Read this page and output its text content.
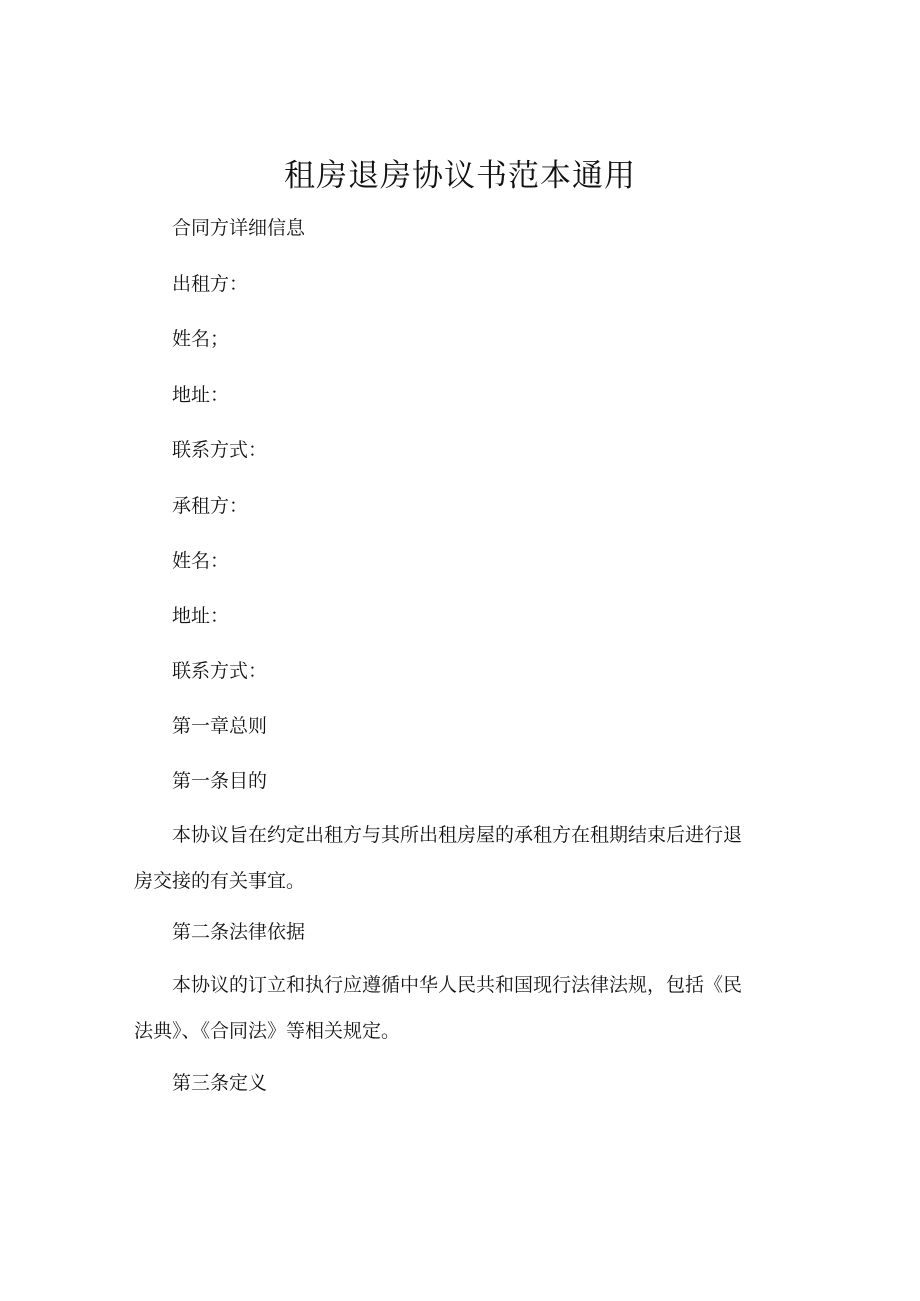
租房退房协议书范本通用
合同方详细信息
出租方：
姓名；
地址：
联系方式：
承租方：
姓名：
地址：
联系方式：
第一章总则
第一条目的
本协议旨在约定出租方与其所出租房屋的承租方在租期结束后进行退
房交接的有关事宜。
第二条法律依据
本协议的订立和执行应遵循中华人民共和国现行法律法规，包括《民
法典》、《合同法》等相关规定。
第三条定义
